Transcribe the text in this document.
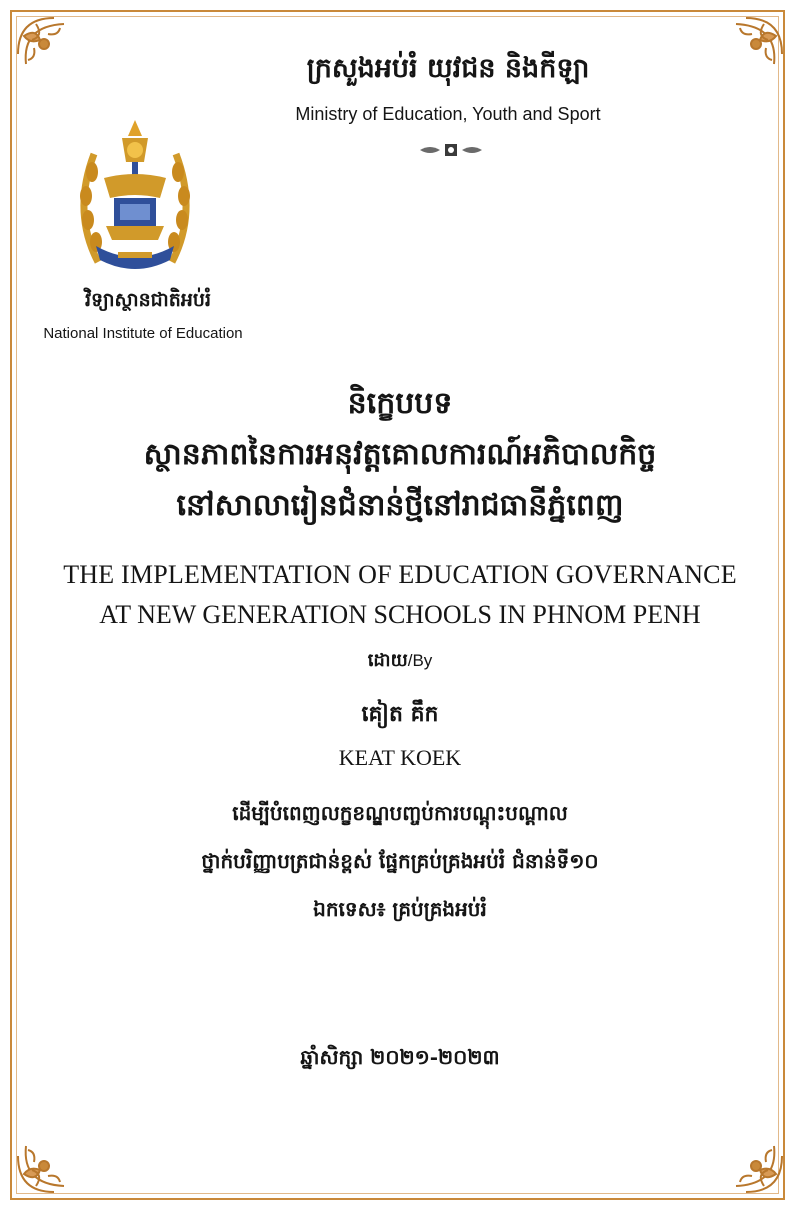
ក្រសួងអប់រំ យុវជន និងកីឡា
Ministry of Education, Youth and Sport
វិទ្យាស្ថានជាតិអប់រំ
National Institute of Education
និក្ខេបបទ
ស្ថានភាពនៃការអនុវត្តគោលការណ៍អភិបាលកិច្ច
នៅសាលារៀនជំនាន់ថ្មីនៅរាជធានីភ្នំពេញ
THE IMPLEMENTATION OF EDUCATION GOVERNANCE
AT NEW GENERATION SCHOOLS IN PHNOM PENH
ដោយ/By
គៀត គឹក
KEAT KOEK
ដើម្បីបំពេញលក្ខខណ្ឌបញ្ចប់ការបណ្តុះបណ្តាល
ថ្នាក់បរិញ្ញាបត្រជាន់ខ្ពស់ ផ្នែកគ្រប់គ្រងអប់រំ ជំនាន់ទី១០
ឯកទេស៖ គ្រប់គ្រងអប់រំ
ឆ្នាំសិក្សា ២០២១-២០២៣
